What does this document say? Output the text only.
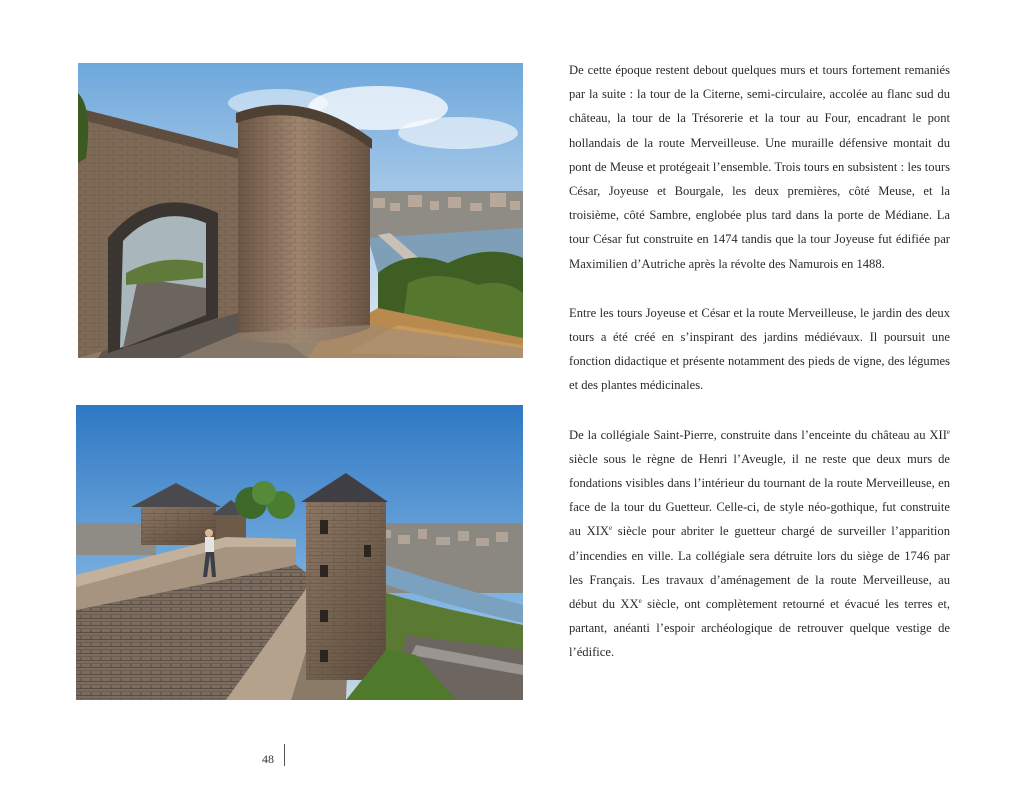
De cette époque restent debout quelques murs et tours fortement remaniés par la suite : la tour de la Citerne, semi-circulaire, accolée au flanc sud du château, la tour de la Trésorerie et la tour au Four, encadrant le pont hollandais de la route Merveilleuse. Une muraille défensive montait du pont de Meuse et protégeait l’ensemble. Trois tours en subsistent : les tours César, Joyeuse et Bourgale, les deux premières, côté Meuse, et la troisième, côté Sambre, englobée plus tard dans la porte de Médiane. La tour César fut construite en 1474 tandis que la tour Joyeuse fut édifiée par Maximilien d’Autriche après la révolte des Namurois en 1488.

Entre les tours Joyeuse et César et la route Merveilleuse, le jardin des deux tours a été créé en s’inspirant des jardins médiévaux. Il poursuit une fonction didactique et présente notamment des pieds de vigne, des légumes et des plantes médicinales.

De la collégiale Saint-Pierre, construite dans l’enceinte du château au XIIe siècle sous le règne de Henri l’Aveugle, il ne reste que deux murs de fondations visibles dans l’intérieur du tournant de la route Merveilleuse, en face de la tour du Guetteur. Celle-ci, de style néo-gothique, fut construite au XIXe siècle pour abriter le guetteur chargé de surveiller l’apparition d’incendies en ville. La collégiale sera détruite lors du siège de 1746 par les Français. Les travaux d’aménagement de la route Merveilleuse, au début du XXe siècle, ont complètement retourné et évacué les terres et, partant, anéanti l’espoir archéologique de retrouver quelque vestige de l’édifice.

48
